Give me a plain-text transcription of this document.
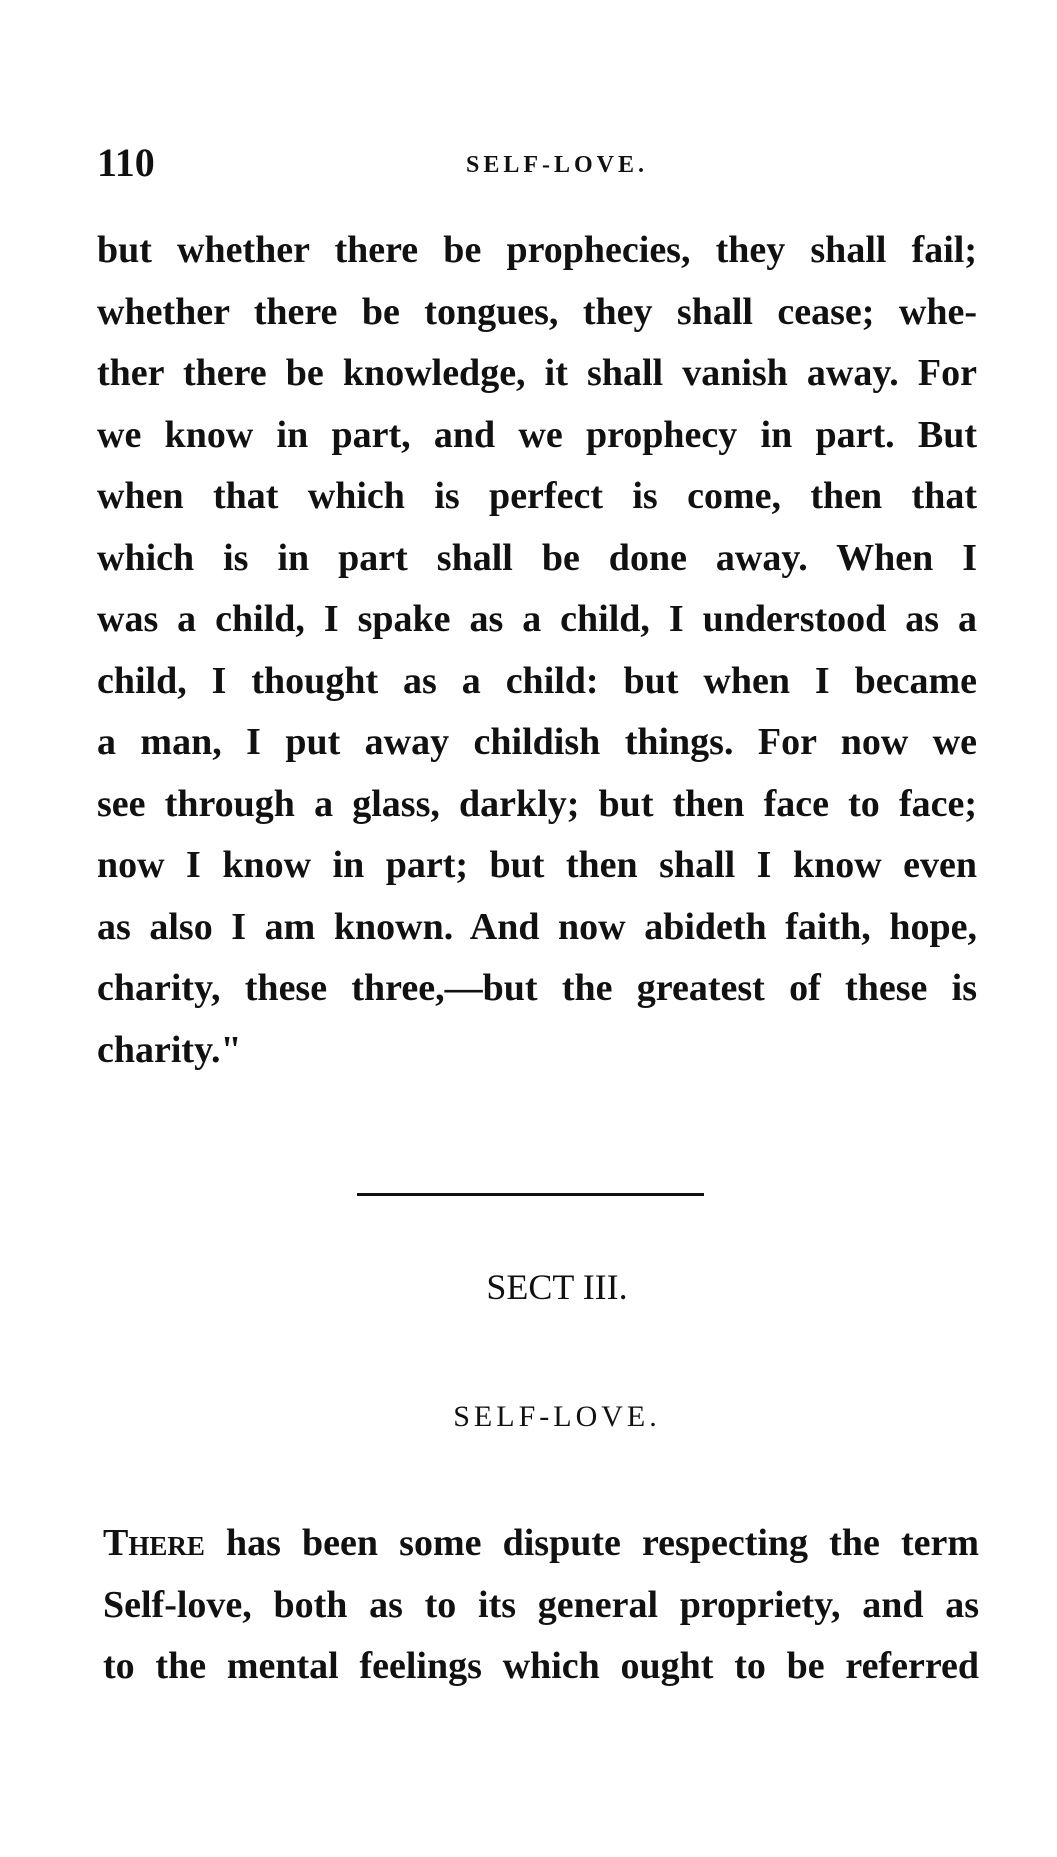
110	SELF-LOVE.
but whether there be prophecies, they shall fail;
whether there be tongues, they shall cease; whe-
ther there be knowledge, it shall vanish away. For
we know in part, and we prophecy in part. But
when that which is perfect is come, then that
which is in part shall be done away. When I
was a child, I spake as a child, I understood as a
child, I thought as a child: but when I became
a man, I put away childish things. For now we
see through a glass, darkly; but then face to face;
now I know in part; but then shall I know even
as also I am known. And now abideth faith, hope,
charity, these three,—but the greatest of these is
charity."
SECT III.
SELF-LOVE.
There has been some dispute respecting the term
Self-love, both as to its general propriety, and as
to the mental feelings which ought to be referred
